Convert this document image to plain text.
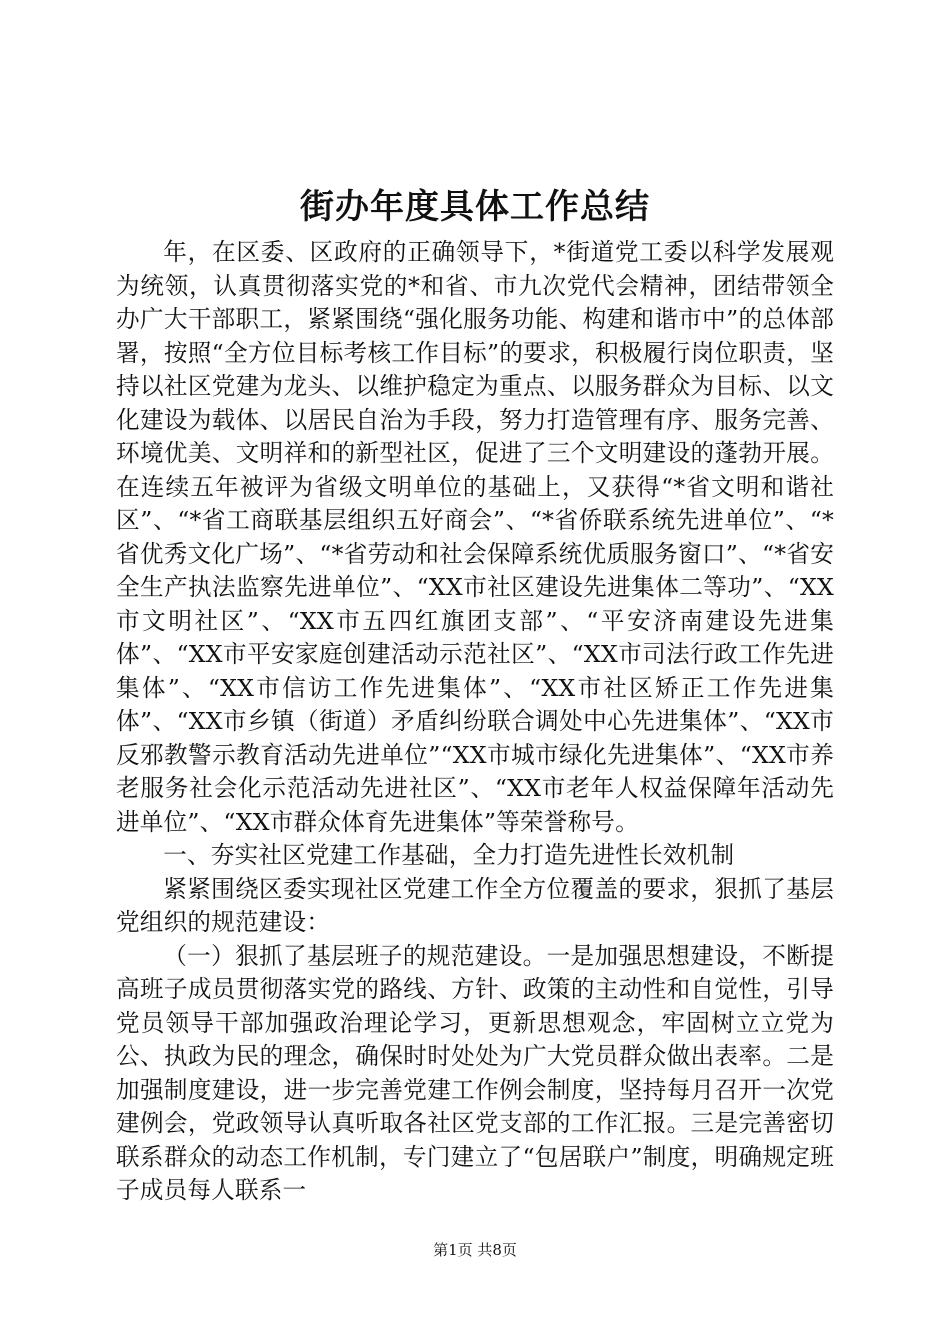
街办年度具体工作总结

年，在区委、区政府的正确领导下，*街道党工委以科学发展观为统领，认真贯彻落实党的*和省、市九次党代会精神，团结带领全办广大干部职工，紧紧围绕“强化服务功能、构建和谐市中”的总体部署，按照“全方位目标考核工作目标”的要求，积极履行岗位职责，坚持以社区党建为龙头、以维护稳定为重点、以服务群众为目标、以文化建设为载体、以居民自治为手段，努力打造管理有序、服务完善、环境优美、文明祥和的新型社区，促进了三个文明建设的蓬勃开展。在连续五年被评为省级文明单位的基础上，又获得“*省文明和谐社区”、“*省工商联基层组织五好商会”、“*省侨联系统先进单位”、“*省优秀文化广场”、“*省劳动和社会保障系统优质服务窗口”、“*省安全生产执法监察先进单位”、“XX市社区建设先进集体二等功”、“XX市文明社区”、“XX市五四红旗团支部”、“平安济南建设先进集体”、“XX市平安家庭创建活动示范社区”、“XX市司法行政工作先进集体”、“XX市信访工作先进集体”、“XX市社区矫正工作先进集体”、“XX市乡镇（街道）矛盾纠纷联合调处中心先进集体”、“XX市反邪教警示教育活动先进单位”“XX市城市绿化先进集体”、“XX市养老服务社会化示范活动先进社区”、“XX市老年人权益保障年活动先进单位”、“XX市群众体育先进集体”等荣誉称号。

一、夯实社区党建工作基础，全力打造先进性长效机制

紧紧围绕区委实现社区党建工作全方位覆盖的要求，狠抓了基层党组织的规范建设：

（一）狠抓了基层班子的规范建设。一是加强思想建设，不断提高班子成员贯彻落实党的路线、方针、政策的主动性和自觉性，引导党员领导干部加强政治理论学习，更新思想观念，牢固树立立党为公、执政为民的理念，确保时时处处为广大党员群众做出表率。二是加强制度建设，进一步完善党建工作例会制度，坚持每月召开一次党建例会，党政领导认真听取各社区党支部的工作汇报。三是完善密切联系群众的动态工作机制，专门建立了“包居联户”制度，明确规定班子成员每人联系一

第1页 共8页
